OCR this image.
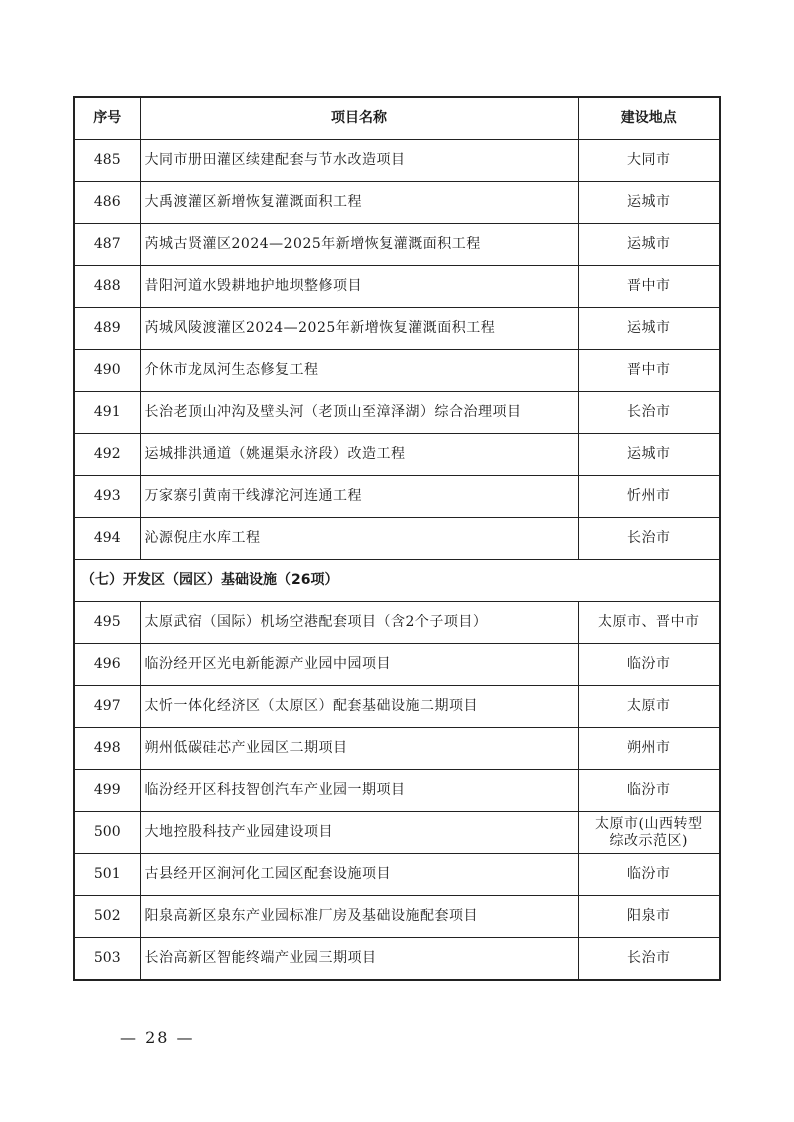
序号	项目名称	建设地点
485	大同市册田灌区续建配套与节水改造项目	大同市
486	大禹渡灌区新增恢复灌溉面积工程	运城市
487	芮城古贤灌区2024—2025年新增恢复灌溉面积工程	运城市
488	昔阳河道水毁耕地护地坝整修项目	晋中市
489	芮城风陵渡灌区2024—2025年新增恢复灌溉面积工程	运城市
490	介休市龙凤河生态修复工程	晋中市
491	长治老顶山冲沟及壁头河（老顶山至漳泽湖）综合治理项目	长治市
492	运城排洪通道（姚暹渠永济段）改造工程	运城市
493	万家寨引黄南干线滹沱河连通工程	忻州市
494	沁源倪庄水库工程	长治市
（七）开发区（园区）基础设施（26项）		
495	太原武宿（国际）机场空港配套项目（含2个子项目）	太原市、晋中市
496	临汾经开区光电新能源产业园中园项目	临汾市
497	太忻一体化经济区（太原区）配套基础设施二期项目	太原市
498	朔州低碳硅芯产业园区二期项目	朔州市
499	临汾经开区科技智创汽车产业园一期项目	临汾市
500	大地控股科技产业园建设项目	太原市(山西转型
综改示范区)

501	古县经开区涧河化工园区配套设施项目	临汾市
502	阳泉高新区泉东产业园标准厂房及基础设施配套项目	阳泉市
503	长治高新区智能终端产业园三期项目	长治市
— 28 —
